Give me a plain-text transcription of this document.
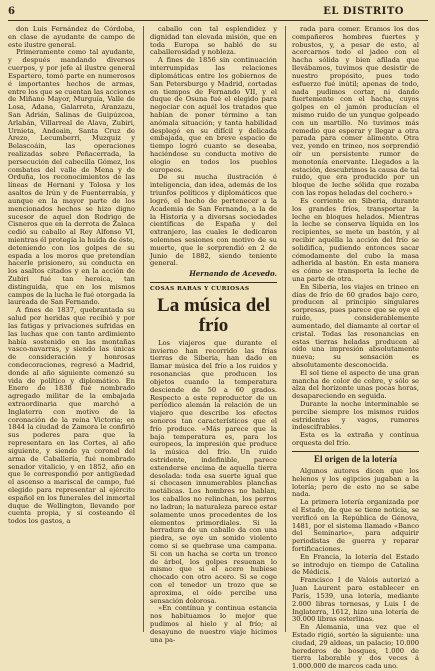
6	EL DISTRITO

don Luis Fernández de Córdoba, en clase de ayudante de campo de este ilustre general.

Primeramente como tal ayudante, y después mandando diversos cuerpos, y por jefe al ilustre general Espartero, tomó parte en numerosos é importantes hechos de armas, entre los que se cuentan las acciones de Miñano Mayor, Murguía, Valle de Losa, Adana, Galarreta, Aranzazu, San Adrián, Salinas de Guipúzcoa, Arlabán, Villarreal de Alava, Zubiri, Urnieta, Andoain, Santa Cruz de Arezo, Lecumberri, Muzquiz y Belascoáin, las operaciones realizadas sobre Peñacerrada, la persecución del cabecilla Gómez, los combates del valle de Mena y de Orduña, los reconocimientos de las líneas de Hernani y Tolosa y los asaltos de Irún y de Fuenterrabía, y aunque en la mayor parte de los mencionados hechos se hizo digno sucesor de aquel don Rodrigo de Cisneros que en la derrota de Zalaca cedió su caballo al Rey Alfonso VI, mientras él protegía la huída de éste, deteniendo con los golpes de su espada a los moros que pretendían hacerle prisionero, su conducta en los asaltos citados y en la acción de Zubiri fué tan heroica, tan distinguida, que en los mismos campos de la lucha le fué otorgada la laureada de San Fernando.

A fines de 1837, quebrantada su salud por heridas que recibió y por las fatigas y privaciones sufridas en las luchas que con tanto ardimiento había sostenido en las montañas vasco-navarras, y siendo las únicas de consideración y honrosas condecoraciones, regresó a Madrid, donde al año siguiente comenzó su vida de político y diplomático. En Enero de 1838 fué nombrado agregado militar de la embajada extraordinaria que marchó a Inglaterra con motivo de la coronación de la reina Victoria; en 1844 la ciudad de Zamora le confirió sus poderes para que la representara en las Cortes, al año siguiente, y siendo ya coronel del arma de Caballería, fué nombrado senador vitalicio, y en 1852, año en que le correspondió por antigüedad el ascenso a mariscal de campo, fué elegido para representar al ejército español en los funerales del inmortal duque de Wellington, llevando por cuenta propia, y sí costeando él todos los gastos, a

caballo con tal esplendidez y dignidad tan elevada misión, que en toda Europa se habló de su caballerosidad y nobleza.

A fines de 1856 sin continuación interrumpidas las relaciones diplomáticas entre los gobiernos de San Petersburgo y Madrid, cortadas en tiempos de Fernando VII, y el duque de Osuna fué el elegido para negociar con aquél los tratados que habían de poner término a tan anómala situación; y tanta habilidad desplegó en su difícil y delicada embajada, que en breve espacio de tiempo logró cuanto se deseaba, haciéndose su conducta motivo de elogio en todos los pueblos europeos.

De su mucha ilustración é inteligencia, dan idea, además de los triunfos políticos y diplomáticos que logró, el hecho de pertenecer a la Academia de San Fernando, a la de la Historia y a diversas sociedades científicas de España y del extranjero, las cuales le dedicaron solemnes sesiones con motivo de su muerte, que le sorprendió en 2 de Junio de 1882, siendo teniente general.

Hernando de Acevedo.

COSAS RARAS Y CURIOSAS

La música del frío

Los viajeros que durante el invierno han recorrido las frías tierras de Siberia, han dado en llamar música del frío a los ruidos y resonancias que producen los objetos cuando la temperatura desciende de 50 a 60 grados. Respecto a este reproductor de un periódico alemán la relación de un viajero que describe los efectos sonoros tan característicos que el frío produce. «Más parece que la baja temperatura es, para los europeos, la impresión que produce la música del frío. Un ruido estridente, indefinible, parece extenderse encima de aquella tierra desolada: toda esa suerte igual que si chocasen innumerables planchas metálicas. Los hombres no hablan, los caballos no relinchan, los perros no ladran; la naturaleza parece estar solamente unos procedentes de los elementos primordiales. Si la herradura de un caballo da con una piedra, se oye un sonido violento como si se quebrase una campana. Si con un hacha se corta un tronco de árbol, los golpes resuenan lo mismo que si el acero hubiese chocado con otro acero. Si se coge con el tenedor un trozo que se aproxima, el oído percibe una sensación dolorosa.

»En contínua y continua estancia nos habituamos lo mejor que pudimos al hielo y al frío; al desayuno de nuestro viaje hicimos una pa-

rada para comer. Eramos los dos compañeros hombres fuertes y robustos, y, a pesar de esto, al acercarnos todo el jadeo con el hacha sólida y bien afilada que llevábamos, tuvimos que desistir de nuestro propósito, pues todo esfuerzo fué inútil; apenas de todo, nada pudimos cortar, ni dando fuertemente con el hacha, cuyos golpes en el jamón producían el mismo ruido de un yunque golpeado con un martillo. No tuvimos más remedio que esperar y llegar a otra parada para comer alimento. Otra vez, yendo en trineo, nos sorprendió oír un persistente rumor de monotonía enervante. Llegados a la estación, descubrimos la causa de tal ruido, que era producido por un bloque de leche sólida que rozaba con las ropas heladas del cochero.»

Es corriente en Siberia, durante los grandes fríos, transportar la leche en bloques helados. Mientras la leche se conserva líquida en los recipientes, se mete un bastón, y al recibir aquélla la acción del frío se solidifica, pudiendo entonces sacar cómodamente del cubo la masa adherida al bastón. En esta manera es cómo se transporta la leche de una parte de otra.

En Siberia, los viajes en trineo en días de frío de 60 grados bajo cero, producen al principio singulares sorpresas, pues parece que se oye el ruido, considerablemente aumentado, del diamante al cortar el cristal. Todas las resonancias en estas tierras heladas producen al oído una impresión absolutamente nueva; su sensación es absolutamente desconocida.

El sol tiene el aspecto de una gran mancha de color de cobre, y sólo se alza del horizonte unas pocas horas, desapareciendo en seguida.

Durante la noche interminable se percibe siempre los mismos ruidos estridentes y vagos, rumores indescifrables.

Esta es la extraña y contínua orquesta del frío.

El origen de la lotería

Algunos autores dicen que los helenos y los egipcios jugaban a la lotería; pero de esto no se sabe nada.

La primera lotería organizada por el Estado, de que se tiene noticia, se verificó en la República de Génova, 1481, por el sistema llamado «Banco del Seminario», para adquirir periodistas de guerra y reparar fortificaciones.

En Francia, la lotería del Estado se introdujo en tiempo de Catalina de Médicis.

Francisco I de Valois autorizó a Juan Laurent para establecer en París, 1539, una lotería, mediante 2.000 libras tornesas, y Luis I de Inglaterra, 1612, hizo una lotería de 30.000 libras esterlinas.

En Alemania, una vez que el Estado rigió, sortéo la siguiente: una ciudad, 29 aldeas, un palacio; 10.000 herederos de bosques, 1.000 de tierra laborable y dos veces á 1.000.000 de marcos cada uno.
